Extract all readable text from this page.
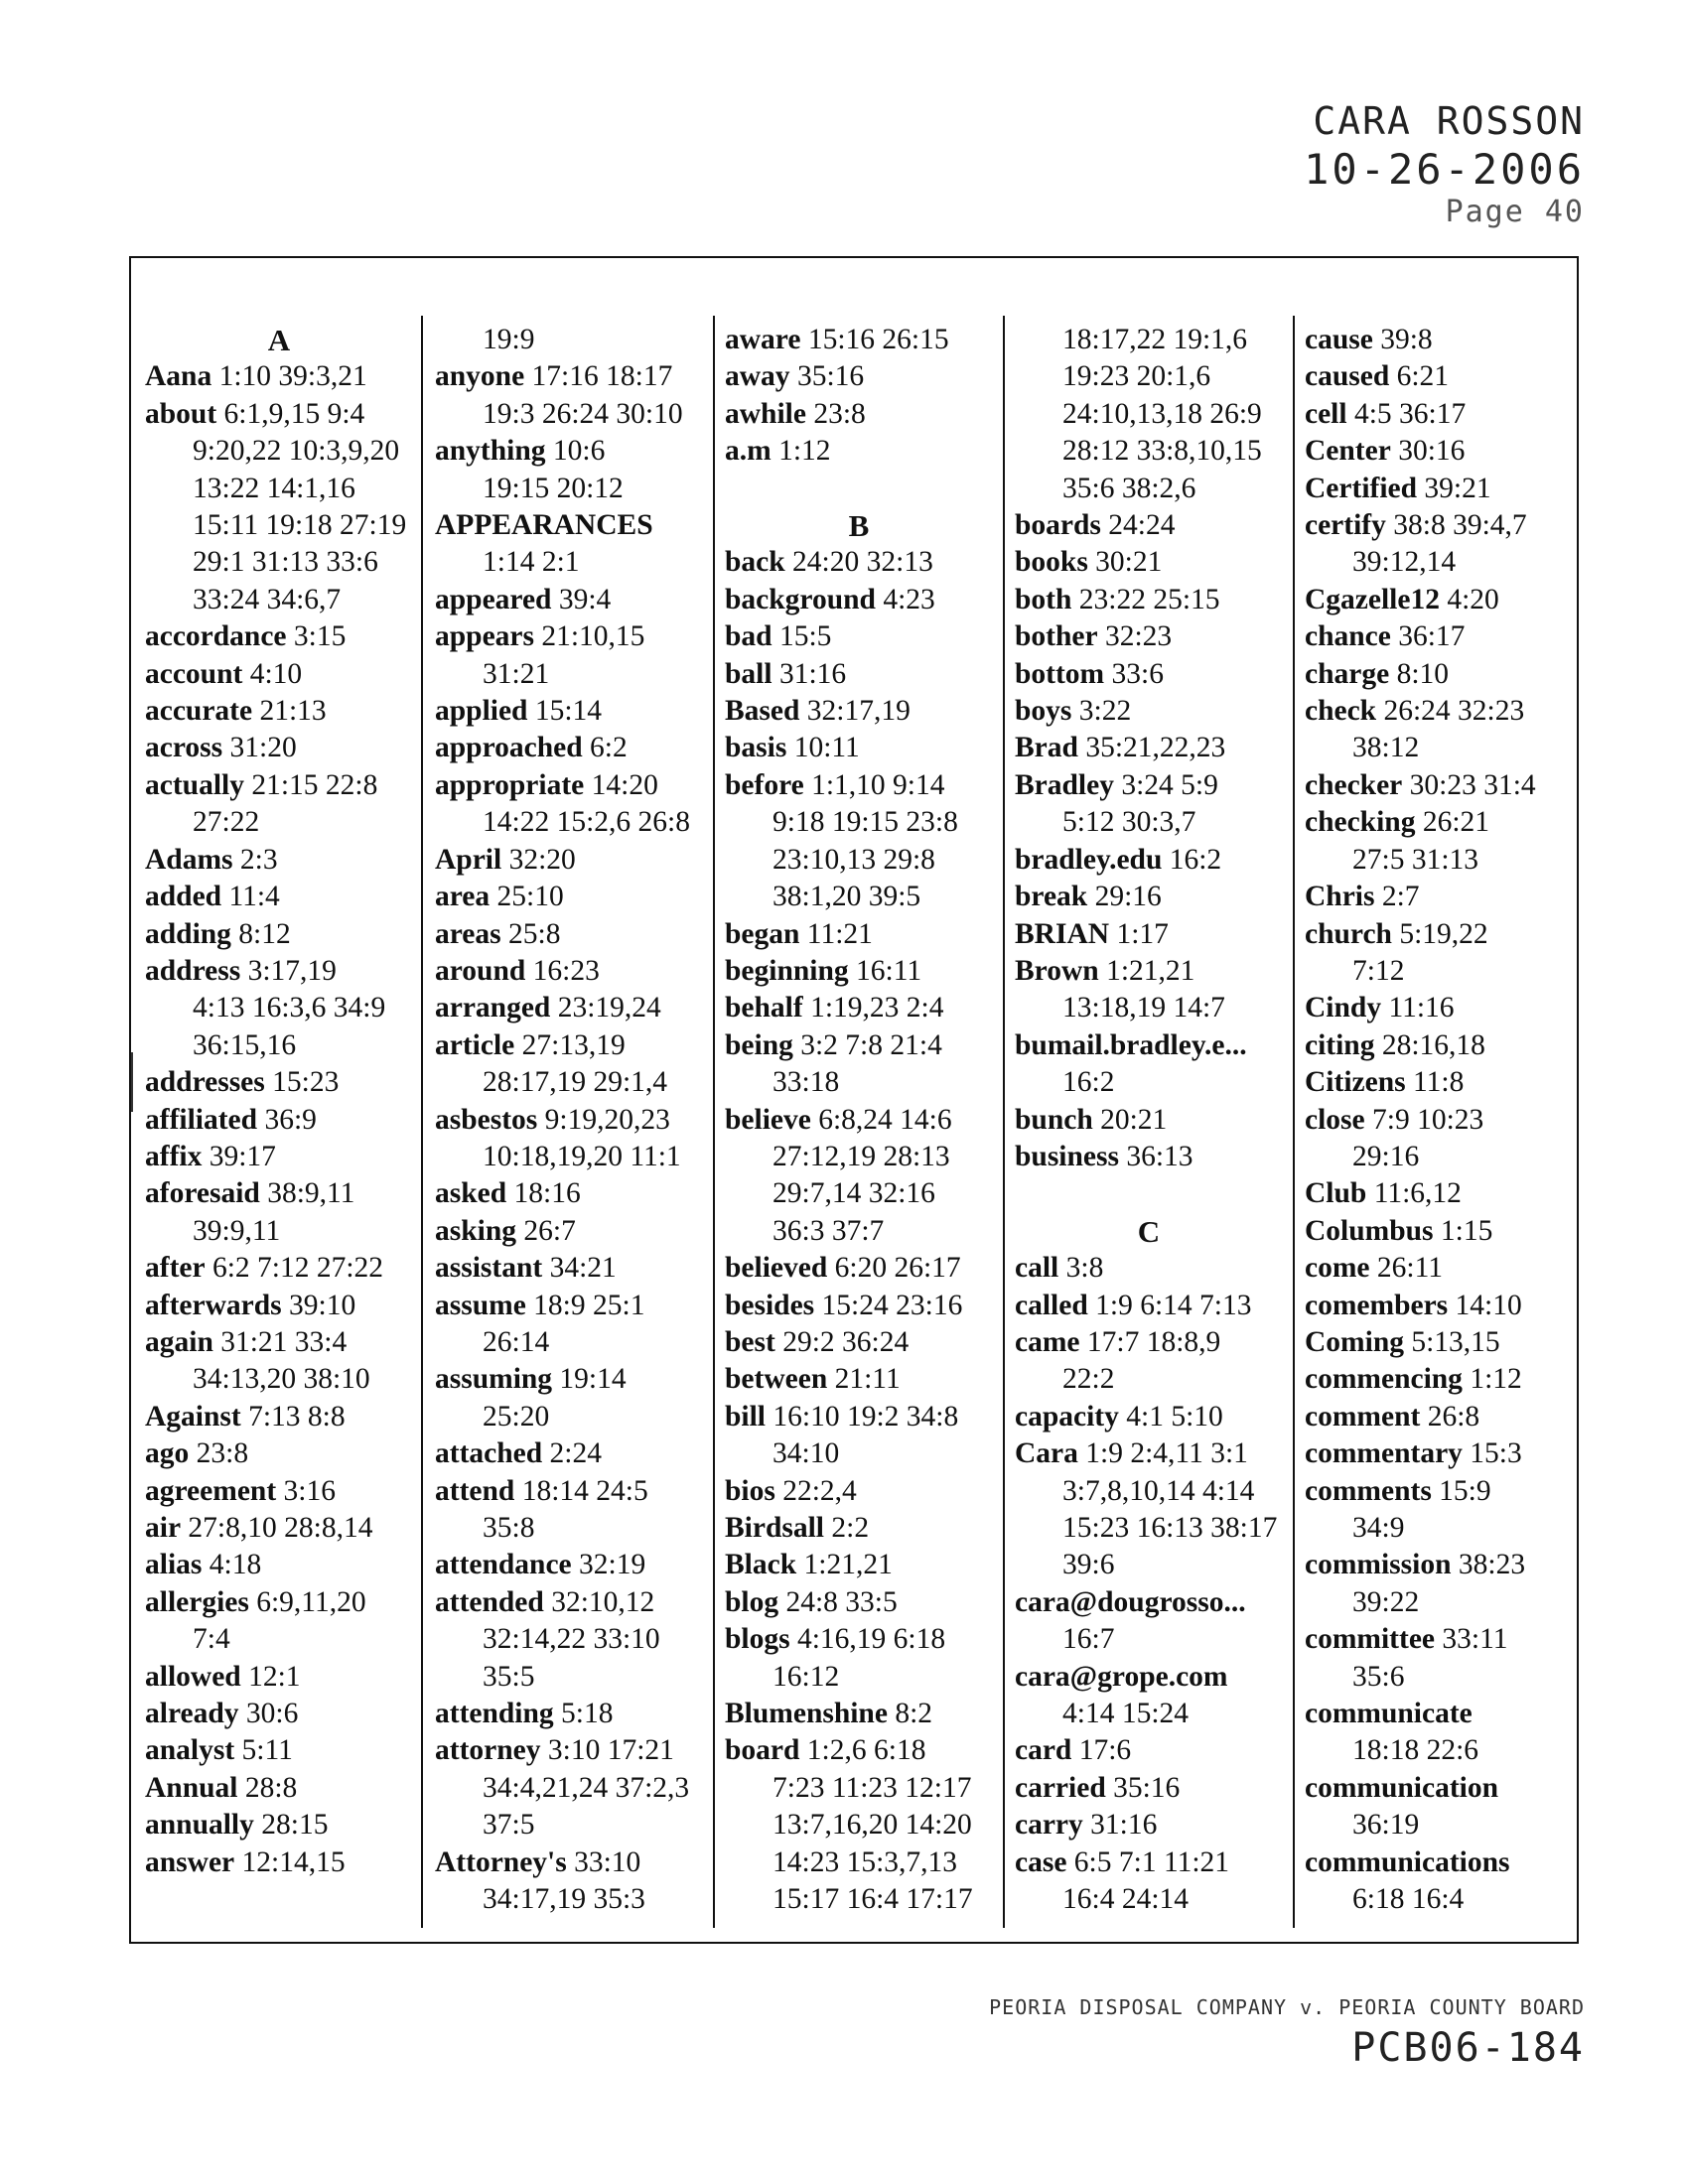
CARA ROSSON
10-26-2006
Page 40
A
Aana 1:10 39:3,21
about 6:1,9,15 9:4
9:20,22 10:3,9,20
13:22 14:1,16
15:11 19:18 27:19
29:1 31:13 33:6
33:24 34:6,7
accordance 3:15
account 4:10
accurate 21:13
across 31:20
actually 21:15 22:8
27:22
Adams 2:3
added 11:4
adding 8:12
address 3:17,19
4:13 16:3,6 34:9
36:15,16
addresses 15:23
affiliated 36:9
affix 39:17
aforesaid 38:9,11
39:9,11
after 6:2 7:12 27:22
afterwards 39:10
again 31:21 33:4
34:13,20 38:10
Against 7:13 8:8
ago 23:8
agreement 3:16
air 27:8,10 28:8,14
alias 4:18
allergies 6:9,11,20
7:4
allowed 12:1
already 30:6
analyst 5:11
Annual 28:8
annually 28:15
answer 12:14,15
19:9
anyone 17:16 18:17
19:3 26:24 30:10
anything 10:6
19:15 20:12
APPEARANCES
1:14 2:1
appeared 39:4
appears 21:10,15
31:21
applied 15:14
approached 6:2
appropriate 14:20
14:22 15:2,6 26:8
April 32:20
area 25:10
areas 25:8
around 16:23
arranged 23:19,24
article 27:13,19
28:17,19 29:1,4
asbestos 9:19,20,23
10:18,19,20 11:1
asked 18:16
asking 26:7
assistant 34:21
assume 18:9 25:1
26:14
assuming 19:14
25:20
attached 2:24
attend 18:14 24:5
35:8
attendance 32:19
attended 32:10,12
32:14,22 33:10
35:5
attending 5:18
attorney 3:10 17:21
34:4,21,24 37:2,3
37:5
Attorney's 33:10
34:17,19 35:3
aware 15:16 26:15
away 35:16
awhile 23:8
a.m 1:12

B
back 24:20 32:13
background 4:23
bad 15:5
ball 31:16
Based 32:17,19
basis 10:11
before 1:1,10 9:14
9:18 19:15 23:8
23:10,13 29:8
38:1,20 39:5
began 11:21
beginning 16:11
behalf 1:19,23 2:4
being 3:2 7:8 21:4
33:18
believe 6:8,24 14:6
27:12,19 28:13
29:7,14 32:16
36:3 37:7
believed 6:20 26:17
besides 15:24 23:16
best 29:2 36:24
between 21:11
bill 16:10 19:2 34:8
34:10
bios 22:2,4
Birdsall 2:2
Black 1:21,21
blog 24:8 33:5
blogs 4:16,19 6:18
16:12
Blumenshine 8:2
board 1:2,6 6:18
7:23 11:23 12:17
13:7,16,20 14:20
14:23 15:3,7,13
15:17 16:4 17:17
18:17,22 19:1,6
19:23 20:1,6
24:10,13,18 26:9
28:12 33:8,10,15
35:6 38:2,6
boards 24:24
books 30:21
both 23:22 25:15
bother 32:23
bottom 33:6
boys 3:22
Brad 35:21,22,23
Bradley 3:24 5:9
5:12 30:3,7
bradley.edu 16:2
break 29:16
BRIAN 1:17
Brown 1:21,21
13:18,19 14:7
bumail.bradley.e...
16:2
bunch 20:21
business 36:13

C
call 3:8
called 1:9 6:14 7:13
came 17:7 18:8,9
22:2
capacity 4:1 5:10
Cara 1:9 2:4,11 3:1
3:7,8,10,14 4:14
15:23 16:13 38:17
39:6
cara@dougrosso...
16:7
cara@grope.com
4:14 15:24
card 17:6
carried 35:16
carry 31:16
case 6:5 7:1 11:21
16:4 24:14
cause 39:8
caused 6:21
cell 4:5 36:17
Center 30:16
Certified 39:21
certify 38:8 39:4,7
39:12,14
Cgazelle12 4:20
chance 36:17
charge 8:10
check 26:24 32:23
38:12
checker 30:23 31:4
checking 26:21
27:5 31:13
Chris 2:7
church 5:19,22
7:12
Cindy 11:16
citing 28:16,18
Citizens 11:8
close 7:9 10:23
29:16
Club 11:6,12
Columbus 1:15
come 26:11
comembers 14:10
Coming 5:13,15
commencing 1:12
comment 26:8
commentary 15:3
comments 15:9
34:9
commission 38:23
39:22
committee 33:11
35:6
communicate
18:18 22:6
communication
36:19
communications
6:18 16:4
PEORIA DISPOSAL COMPANY v. PEORIA COUNTY BOARD
PCB06-184
